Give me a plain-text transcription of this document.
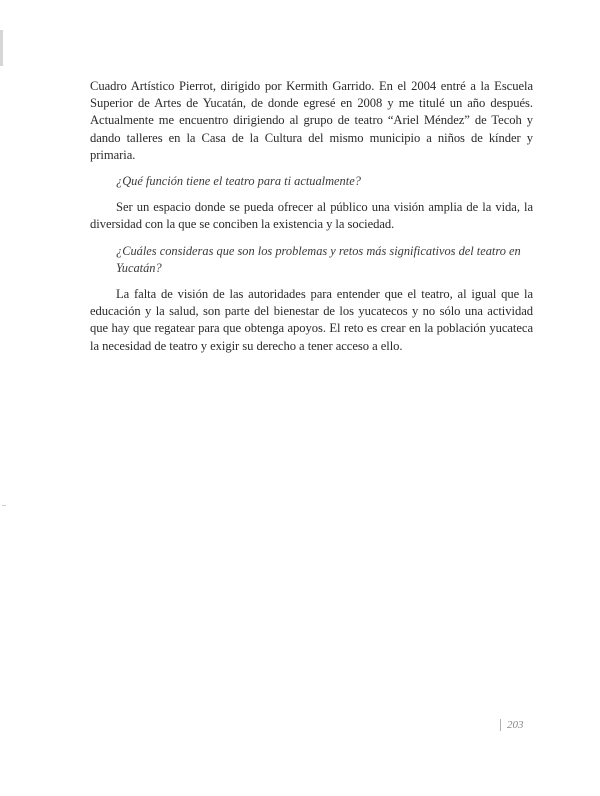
Cuadro Artístico Pierrot, dirigido por Kermith Garrido. En el 2004 entré a la Escuela Superior de Artes de Yucatán, de donde egresé en 2008 y me titulé un año después. Actualmente me encuentro dirigiendo al grupo de teatro “Ariel Méndez” de Tecoh y dando talleres en la Casa de la Cultura del mismo municipio a niños de kínder y primaria.

¿Qué función tiene el teatro para ti actualmente?

Ser un espacio donde se pueda ofrecer al público una visión amplia de la vida, la diversidad con la que se conciben la existencia y la sociedad.

¿Cuáles consideras que son los problemas y retos más significativos del teatro en Yucatán?

La falta de visión de las autoridades para entender que el teatro, al igual que la educación y la salud, son parte del bienestar de los yucatecos y no sólo una actividad que hay que regatear para que obtenga apoyos. El reto es crear en la población yucateca la necesidad de teatro y exigir su derecho a tener acceso a ello.

203
